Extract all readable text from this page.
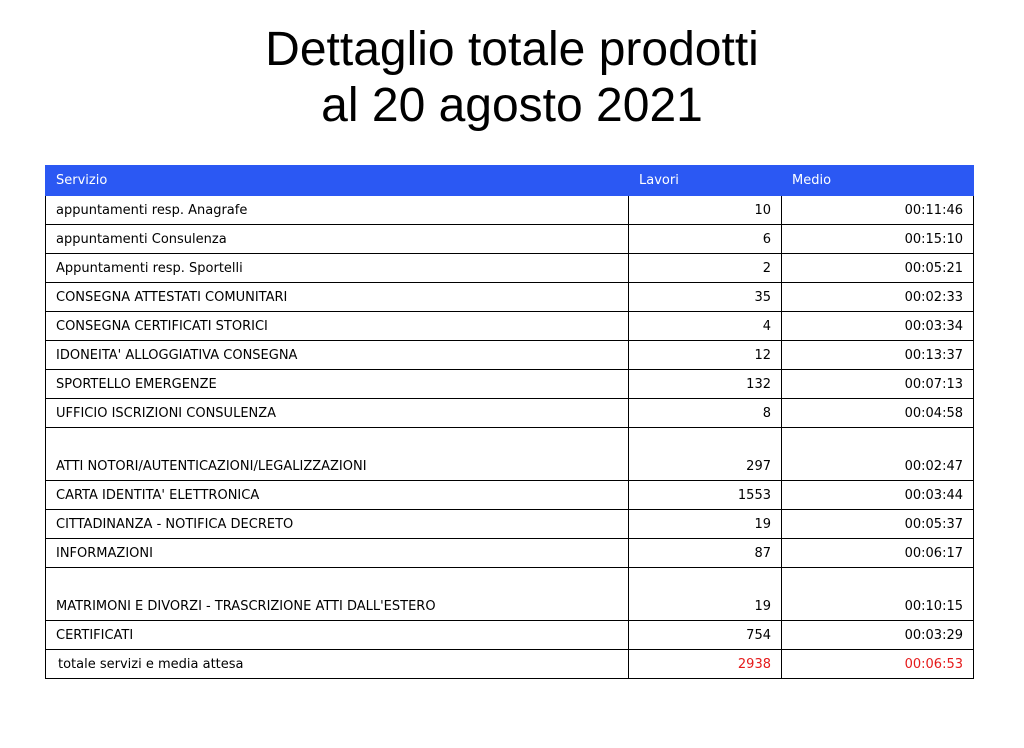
Dettaglio totale prodotti
al 20 agosto 2021
Servizio	Lavori	Medio
appuntamenti resp. Anagrafe	10	00:11:46
appuntamenti Consulenza	6	00:15:10
Appuntamenti resp. Sportelli	2	00:05:21
CONSEGNA ATTESTATI COMUNITARI	35	00:02:33
CONSEGNA CERTIFICATI STORICI	4	00:03:34
IDONEITA' ALLOGGIATIVA CONSEGNA	12	00:13:37
SPORTELLO EMERGENZE	132	00:07:13
UFFICIO ISCRIZIONI CONSULENZA	8	00:04:58
ATTI NOTORI/AUTENTICAZIONI/LEGALIZZAZIONI	297	00:02:47
CARTA IDENTITA' ELETTRONICA	1553	00:03:44
CITTADINANZA - NOTIFICA DECRETO	19	00:05:37
INFORMAZIONI	87	00:06:17
MATRIMONI E DIVORZI - TRASCRIZIONE ATTI DALL'ESTERO	19	00:10:15
CERTIFICATI	754	00:03:29
totale servizi e media attesa	2938	00:06:53
